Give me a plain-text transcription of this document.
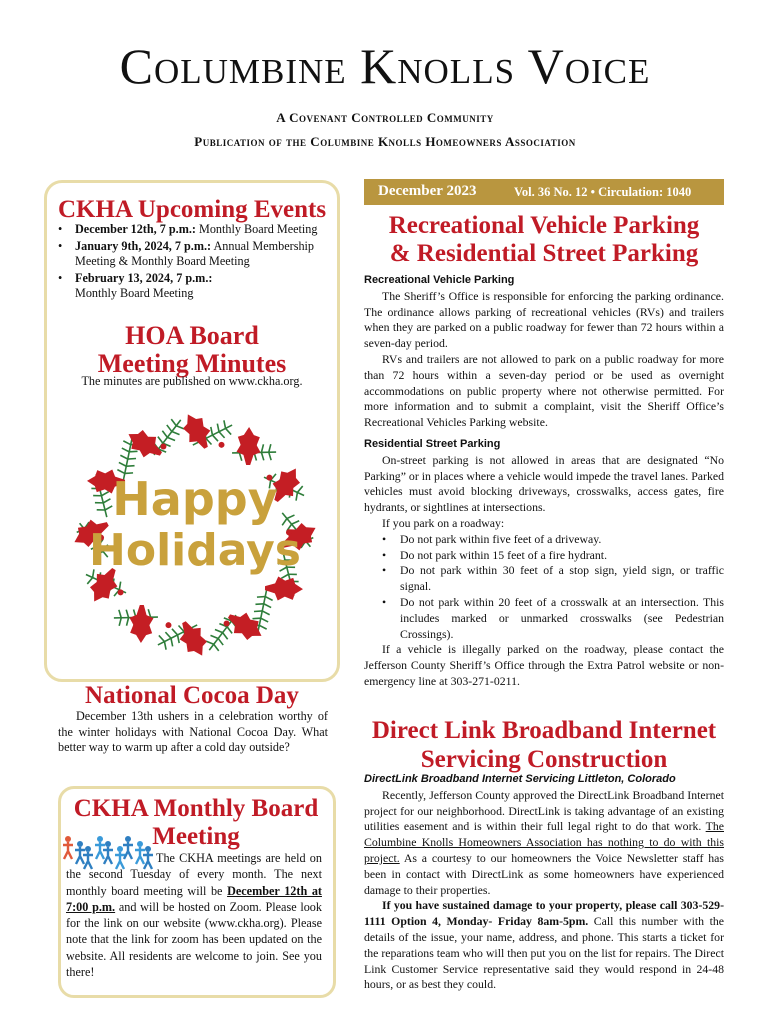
Columbine Knolls Voice
A Covenant Controlled Community
Publication of the Columbine Knolls Homeowners Association
CKHA Upcoming Events
• December 12th, 7 p.m.: Monthly Board Meeting
• January 9th, 2024, 7 p.m.: Annual Membership Meeting & Monthly Board Meeting
• February 13, 2024, 7 p.m.:
Monthly Board Meeting
HOA Board
Meeting Minutes
The minutes are published on www.ckha.org.
Happy
Holidays
National Cocoa Day

December 13th ushers in a celebration worthy of the winter holidays with National Cocoa Day. What better way to warm up after a cold day outside?

CKHA Monthly Board
Meeting

The CKHA meetings are held on the second Tuesday of every month. The next monthly board meeting will be December 12th at 7:00 p.m. and will be hosted on Zoom. Please look for the link on our website (www.ckha.org). Please note that the link for zoom has been updated on the website. All residents are welcome to join. See you there!

December 2023	Vol. 36 No. 12 • Circulation: 1040
Recreational Vehicle Parking
& Residential Street Parking
Recreational Vehicle Parking

The Sheriff’s Office is responsible for enforcing the parking ordinance. The ordinance allows parking of recreational vehicles (RVs) and trailers when they are parked on a public roadway for fewer than 72 hours within a seven-day period.

RVs and trailers are not allowed to park on a public roadway for more than 72 hours within a seven-day period or be used as overnight accommodations on public property where not otherwise permitted. For more information and to submit a complaint, visit the Sheriff Office’s Recreational Vehicles Parking website.

Residential Street Parking

On-street parking is not allowed in areas that are designated “No Parking” or in places where a vehicle would impede the travel lanes. Parked vehicles must avoid blocking driveways, crosswalks, access gates, fire hydrants, or sightlines at intersections.

If you park on a roadway:

• Do not park within five feet of a driveway.
• Do not park within 15 feet of a fire hydrant.
• Do not park within 30 feet of a stop sign, yield sign, or traffic signal.
• Do not park within 20 feet of a crosswalk at an intersection. This includes marked or unmarked crosswalks (see Pedestrian Crossings).

If a vehicle is illegally parked on the roadway, please contact the Jefferson County Sheriff’s Office through the Extra Patrol website or non-emergency line at 303-271-0211.

Direct Link Broadband Internet
Servicing Construction
DirectLink Broadband Internet Servicing Littleton, Colorado

Recently, Jefferson County approved the DirectLink Broadband Internet project for our neighborhood. DirectLink is taking advantage of an existing utilities easement and is within their full legal right to do that work. The Columbine Knolls Homeowners Association has nothing to do with this project. As a courtesy to our homeowners the Voice Newsletter staff has been in contact with DirectLink as some homeowners have experienced damage to their properties.

If you have sustained damage to your property, please call 303-529-1111 Option 4, Monday- Friday 8am-5pm. Call this number with the details of the issue, your name, address, and phone. This starts a ticket for the reparations team who will then put you on the list for repairs. The Direct Link Customer Service representative said they would respond in 24-48 hours, or as best they could.
